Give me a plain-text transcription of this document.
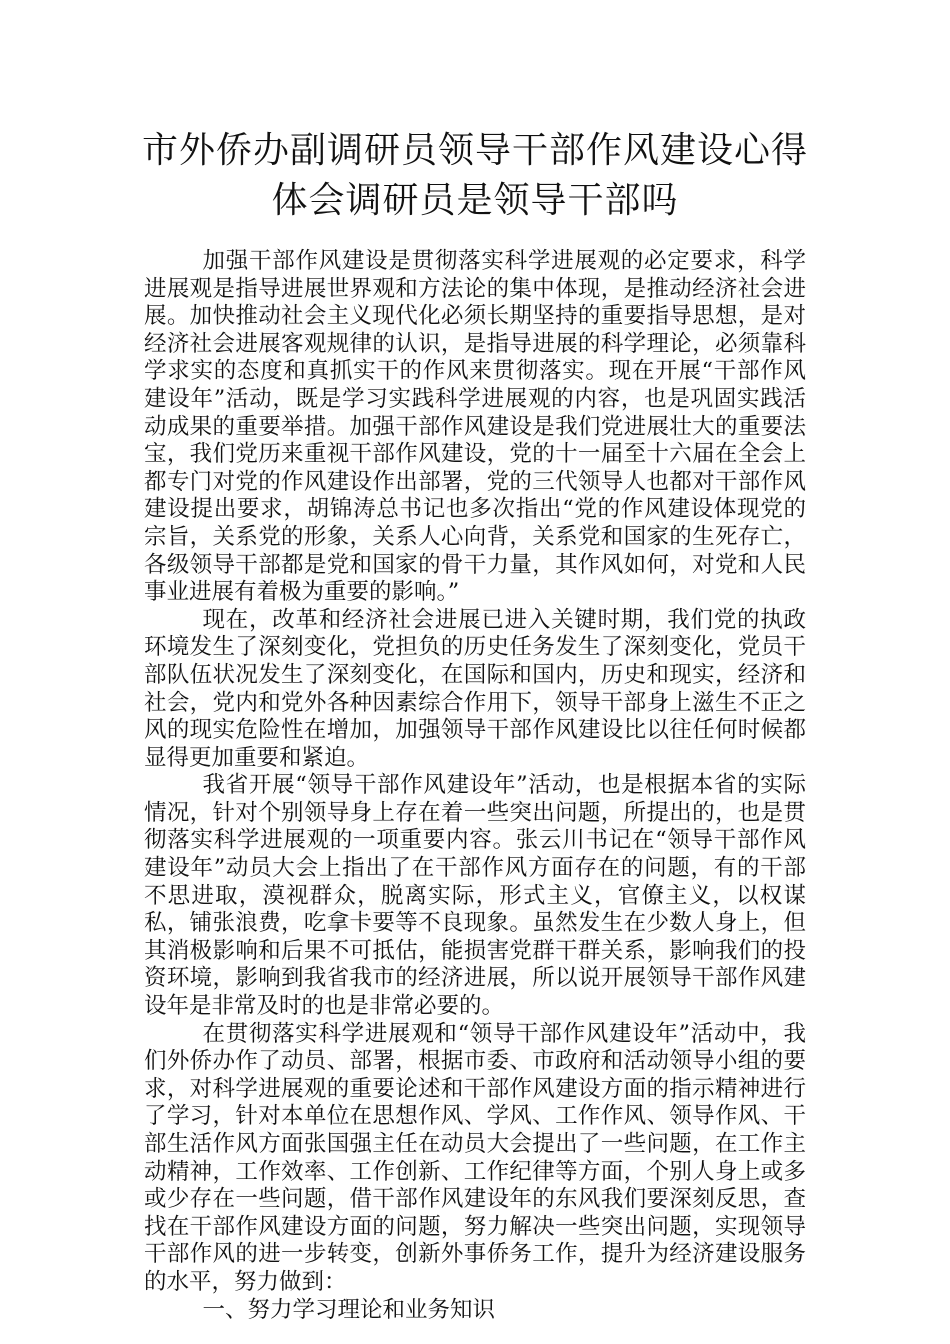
市外侨办副调研员领导干部作风建设心得
体会调研员是领导干部吗

加强干部作风建设是贯彻落实科学进展观的必定要求，科学进展观是指导进展世界观和方法论的集中体现，是推动经济社会进展。加快推动社会主义现代化必须长期坚持的重要指导思想，是对经济社会进展客观规律的认识，是指导进展的科学理论，必须靠科学求实的态度和真抓实干的作风来贯彻落实。现在开展“干部作风建设年”活动，既是学习实践科学进展观的内容，也是巩固实践活动成果的重要举措。加强干部作风建设是我们党进展壮大的重要法宝，我们党历来重视干部作风建设，党的十一届至十六届在全会上都专门对党的作风建设作出部署，党的三代领导人也都对干部作风建设提出要求，胡锦涛总书记也多次指出“党的作风建设体现党的宗旨，关系党的形象，关系人心向背，关系党和国家的生死存亡，各级领导干部都是党和国家的骨干力量，其作风如何，对党和人民事业进展有着极为重要的影响。”

现在，改革和经济社会进展已进入关键时期，我们党的执政环境发生了深刻变化，党担负的历史任务发生了深刻变化，党员干部队伍状况发生了深刻变化，在国际和国内，历史和现实，经济和社会，党内和党外各种因素综合作用下，领导干部身上滋生不正之风的现实危险性在增加，加强领导干部作风建设比以往任何时候都显得更加重要和紧迫。

我省开展“领导干部作风建设年”活动，也是根据本省的实际情况，针对个别领导身上存在着一些突出问题，所提出的，也是贯彻落实科学进展观的一项重要内容。张云川书记在“领导干部作风建设年”动员大会上指出了在干部作风方面存在的问题，有的干部不思进取，漠视群众，脱离实际，形式主义，官僚主义，以权谋私，铺张浪费，吃拿卡要等不良现象。虽然发生在少数人身上，但其消极影响和后果不可抵估，能损害党群干群关系，影响我们的投资环境，影响到我省我市的经济进展，所以说开展领导干部作风建设年是非常及时的也是非常必要的。

在贯彻落实科学进展观和“领导干部作风建设年”活动中，我们外侨办作了动员、部署，根据市委、市政府和活动领导小组的要求，对科学进展观的重要论述和干部作风建设方面的指示精神进行了学习，针对本单位在思想作风、学风、工作作风、领导作风、干部生活作风方面张国强主任在动员大会提出了一些问题，在工作主动精神，工作效率、工作创新、工作纪律等方面，个别人身上或多或少存在一些问题，借干部作风建设年的东风我们要深刻反思，查找在干部作风建设方面的问题，努力解决一些突出问题，实现领导干部作风的进一步转变，创新外事侨务工作，提升为经济建设服务的水平，努力做到：

一、努力学习理论和业务知识
